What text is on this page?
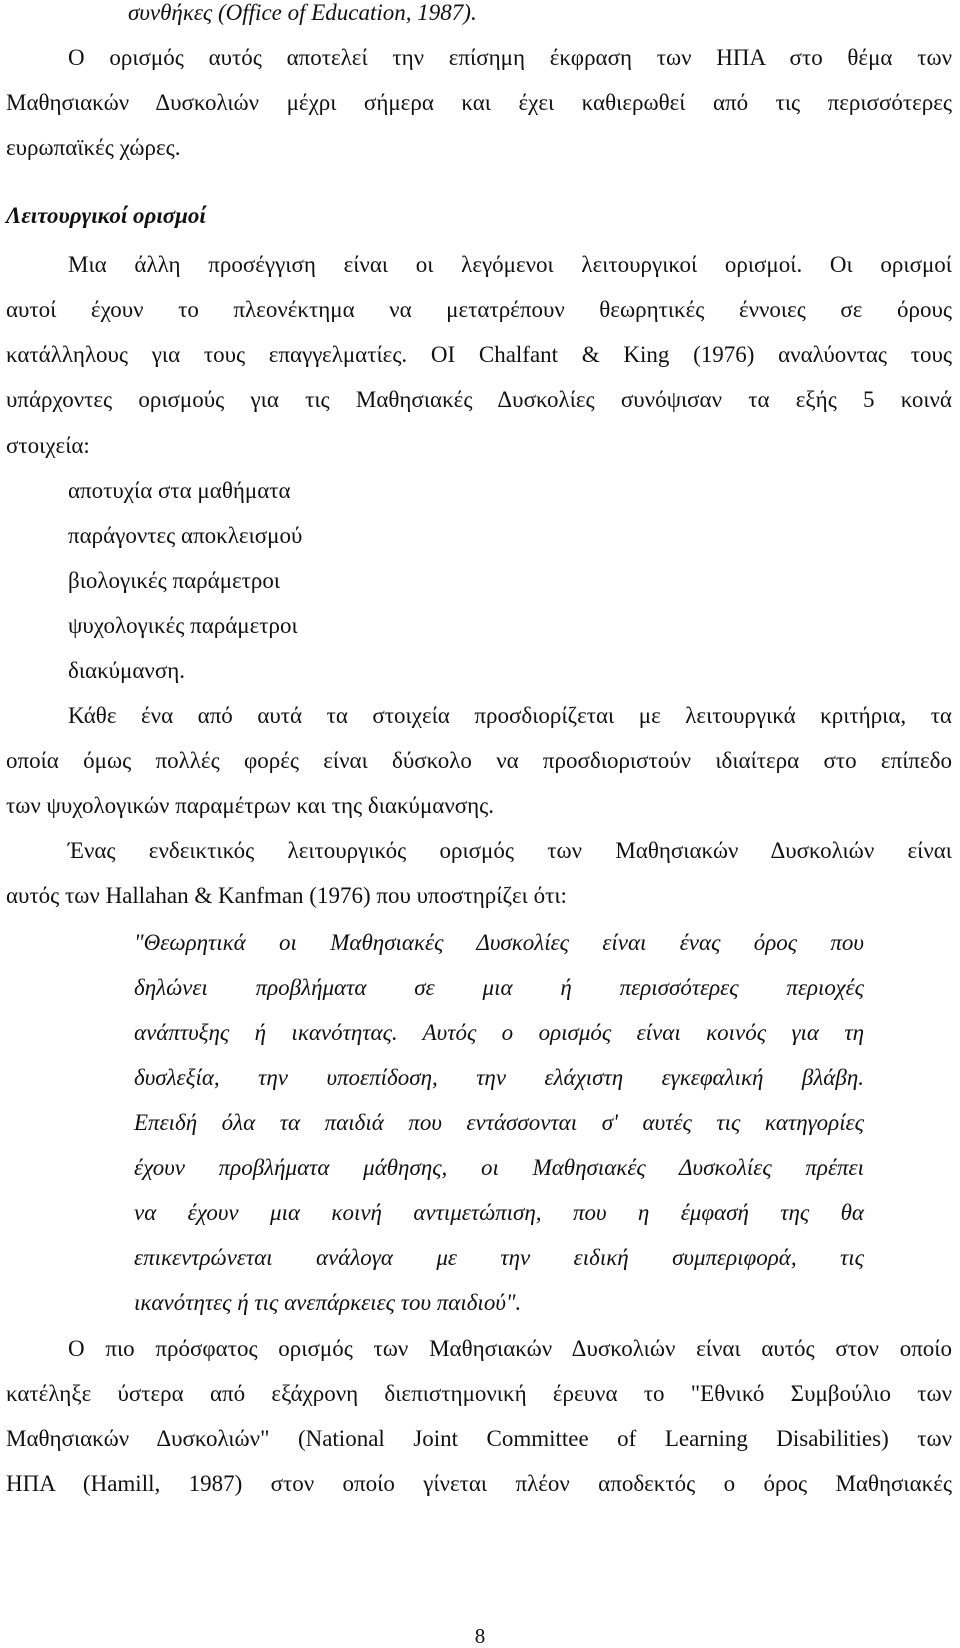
συνθήκες (Office of Education, 1987).
Ο ορισμός αυτός αποτελεί την επίσημη έκφραση των ΗΠΑ στο θέμα των
Μαθησιακών Δυσκολιών μέχρι σήμερα και έχει καθιερωθεί από τις περισσότερες
ευρωπαϊκές χώρες.
Λειτουργικοί ορισμοί
Μια άλλη προσέγγιση είναι οι λεγόμενοι λειτουργικοί ορισμοί. Οι ορισμοί
αυτοί έχουν το πλεονέκτημα να μετατρέπουν θεωρητικές έννοιες σε όρους
κατάλληλους για τους επαγγελματίες. ΟΙ Chalfant & King (1976) αναλύοντας τους
υπάρχοντες ορισμούς για τις Μαθησιακές Δυσκολίες συνόψισαν τα εξής 5 κοινά
στοιχεία:
αποτυχία στα μαθήματα
παράγοντες αποκλεισμού
βιολογικές παράμετροι
ψυχολογικές παράμετροι
διακύμανση.
Κάθε ένα από αυτά τα στοιχεία προσδιορίζεται με λειτουργικά κριτήρια, τα
οποία όμως πολλές φορές είναι δύσκολο να προσδιοριστούν ιδιαίτερα στο επίπεδο
των ψυχολογικών παραμέτρων και της διακύμανσης.
Ένας ενδεικτικός λειτουργικός ορισμός των Μαθησιακών Δυσκολιών είναι
αυτός των Hallahan & Kanfman (1976) που υποστηρίζει ότι:
"Θεωρητικά οι Μαθησιακές Δυσκολίες είναι ένας όρος που
δηλώνει προβλήματα σε μια ή περισσότερες περιοχές
ανάπτυξης ή ικανότητας. Αυτός ο ορισμός είναι κοινός για τη
δυσλεξία, την υποεπίδοση, την ελάχιστη εγκεφαλική βλάβη.
Επειδή όλα τα παιδιά που εντάσσονται σ' αυτές τις κατηγορίες
έχουν προβλήματα μάθησης, οι Μαθησιακές Δυσκολίες πρέπει
να έχουν μια κοινή αντιμετώπιση, που η έμφασή της θα
επικεντρώνεται ανάλογα με την ειδική συμπεριφορά, τις
ικανότητες ή τις ανεπάρκειες του παιδιού".
Ο πιο πρόσφατος ορισμός των Μαθησιακών Δυσκολιών είναι αυτός στον οποίο
κατέληξε ύστερα από εξάχρονη διεπιστημονική έρευνα το "Εθνικό Συμβούλιο των
Μαθησιακών Δυσκολιών" (National Joint Committee of Learning Disabilities) των
ΗΠΑ (Hamill, 1987) στον οποίο γίνεται πλέον αποδεκτός ο όρος Μαθησιακές
8
